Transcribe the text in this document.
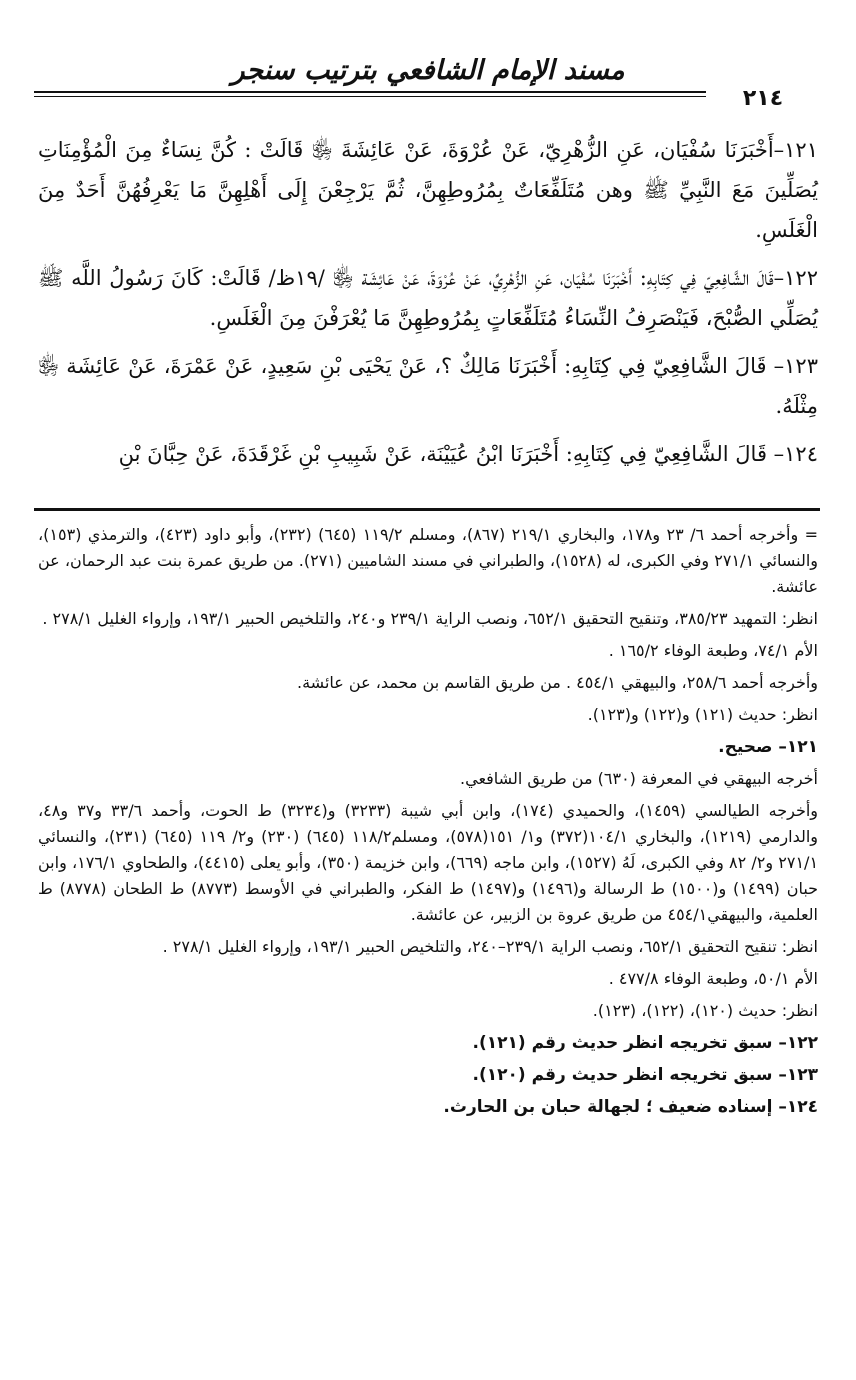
مسند الإمام الشافعي بترتيب سنجر
٢١٤

١٢١–أَخْبَرَنَا سُفْيَان، عَنِ الزُّهْرِيّ، عَنْ عُرْوَةَ، عَنْ عَائِشَةَ ﵂ قَالَتْ : كُنَّ نِسَاءٌ مِنَ الْمُؤْمِنَاتِ يُصَلِّينَ مَعَ النَّبِيِّ ﷺ وهن مُتَلَفِّعَاتٌ بِمُرُوطِهِنَّ، ثُمَّ يَرْجِعْنَ إِلَى أَهْلِهِنَّ مَا يَعْرِفُهُنَّ أَحَدٌ مِنَ الْغَلَسِ.

١٢٢–قَالَ الشَّافِعِيّ فِي كِتَابِهِ: أَخْبَرَنَا سُفْيَان، عَنِ الزُّهْرِيِّ، عَنْ عُرْوَةَ، عَنْ عَائِشَة ﵂ /١٩ظ/ قَالَتْ: كَانَ رَسُولُ اللَّه ﷺ يُصَلِّي الصُّبْحَ، فَيَنْصَرِفُ النِّسَاءُ مُتَلَفِّعَاتٍ بِمُرُوطِهِنَّ مَا يُعْرَفْنَ مِنَ الْغَلَسِ.

١٢٣– قَالَ الشَّافِعِيّ فِي كِتَابِهِ: أَخْبَرَنَا مَالِكٌ ؟، عَنْ يَحْيَى بْنِ سَعِيدٍ، عَنْ عَمْرَةَ، عَنْ عَائِشَة ﵂ مِثْلَهُ.

١٢٤– قَالَ الشَّافِعِيّ فِي كِتَابِهِ: أَخْبَرَنَا ابْنُ عُيَيْنَة، عَنْ شَبِيبِ بْنِ غَرْقَدَةَ، عَنْ حِبَّانَ بْنِ

= وأخرجه أحمد ٦/ ٢٣ و١٧٨، والبخاري ٢١٩/١ (٨٦٧)، ومسلم ١١٩/٢ (٦٤٥) (٢٣٢)، وأبو داود (٤٢٣)، والترمذي (١٥٣)، والنسائي ٢٧١/١ وفي الكبرى، له (١٥٢٨)، والطبراني في مسند الشاميين (٢٧١). من طريق عمرة بنت عبد الرحمان، عن عائشة.

انظر: التمهيد ٣٨٥/٢٣، وتنقيح التحقيق ٦٥٢/١، ونصب الراية ٢٣٩/١ و٢٤٠، والتلخيص الحبير ١٩٣/١، وإرواء الغليل ٢٧٨/١ .

الأم ٧٤/١، وطبعة الوفاء ١٦٥/٢ .

وأخرجه أحمد ٢٥٨/٦، والبيهقي ٤٥٤/١ . من طريق القاسم بن محمد، عن عائشة.

انظر: حديث (١٢١) و(١٢٢) و(١٢٣).

١٢١– صحيح.

أخرجه البيهقي في المعرفة (٦٣٠) من طريق الشافعي.

وأخرجه الطيالسي (١٤٥٩)، والحميدي (١٧٤)، وابن أبي شيبة (٣٢٣٣) و(٣٢٣٤) ط الحوت، وأحمد ٣٣/٦ و٣٧ و٤٨، والدارمي (١٢١٩)، والبخاري ١٠٤/١(٣٧٢) و١/ ١٥١(٥٧٨)، ومسلم١١٨/٢ (٦٤٥) (٢٣٠) و٢/ ١١٩ (٦٤٥) (٢٣١)، والنسائي ٢٧١/١ و٢/ ٨٢ وفي الكبرى، لَهُ (١٥٢٧)، وابن ماجه (٦٦٩)، وابن خزيمة (٣٥٠)، وأبو يعلى (٤٤١٥)، والطحاوي ١٧٦/١، وابن حبان (١٤٩٩) و(١٥٠٠) ط الرسالة و(١٤٩٦) و(١٤٩٧) ط الفكر، والطبراني في الأوسط (٨٧٧٣) ط الطحان (٨٧٧٨) ط العلمية، والبيهقي٤٥٤/١ من طريق عروة بن الزبير، عن عائشة.

انظر: تنقيح التحقيق ٦٥٢/١، ونصب الراية ٢٣٩/١–٢٤٠، والتلخيص الحبير ١٩٣/١، وإرواء الغليل ٢٧٨/١ .

الأم ٥٠/١، وطبعة الوفاء ٤٧٧/٨ .

انظر: حديث (١٢٠)، (١٢٢)، (١٢٣).

١٢٢– سبق تخريجه انظر حديث رقم (١٢١).

١٢٣– سبق تخريجه انظر حديث رقم (١٢٠).

١٢٤– إسناده ضعيف ؛ لجهالة حبان بن الحارث.
